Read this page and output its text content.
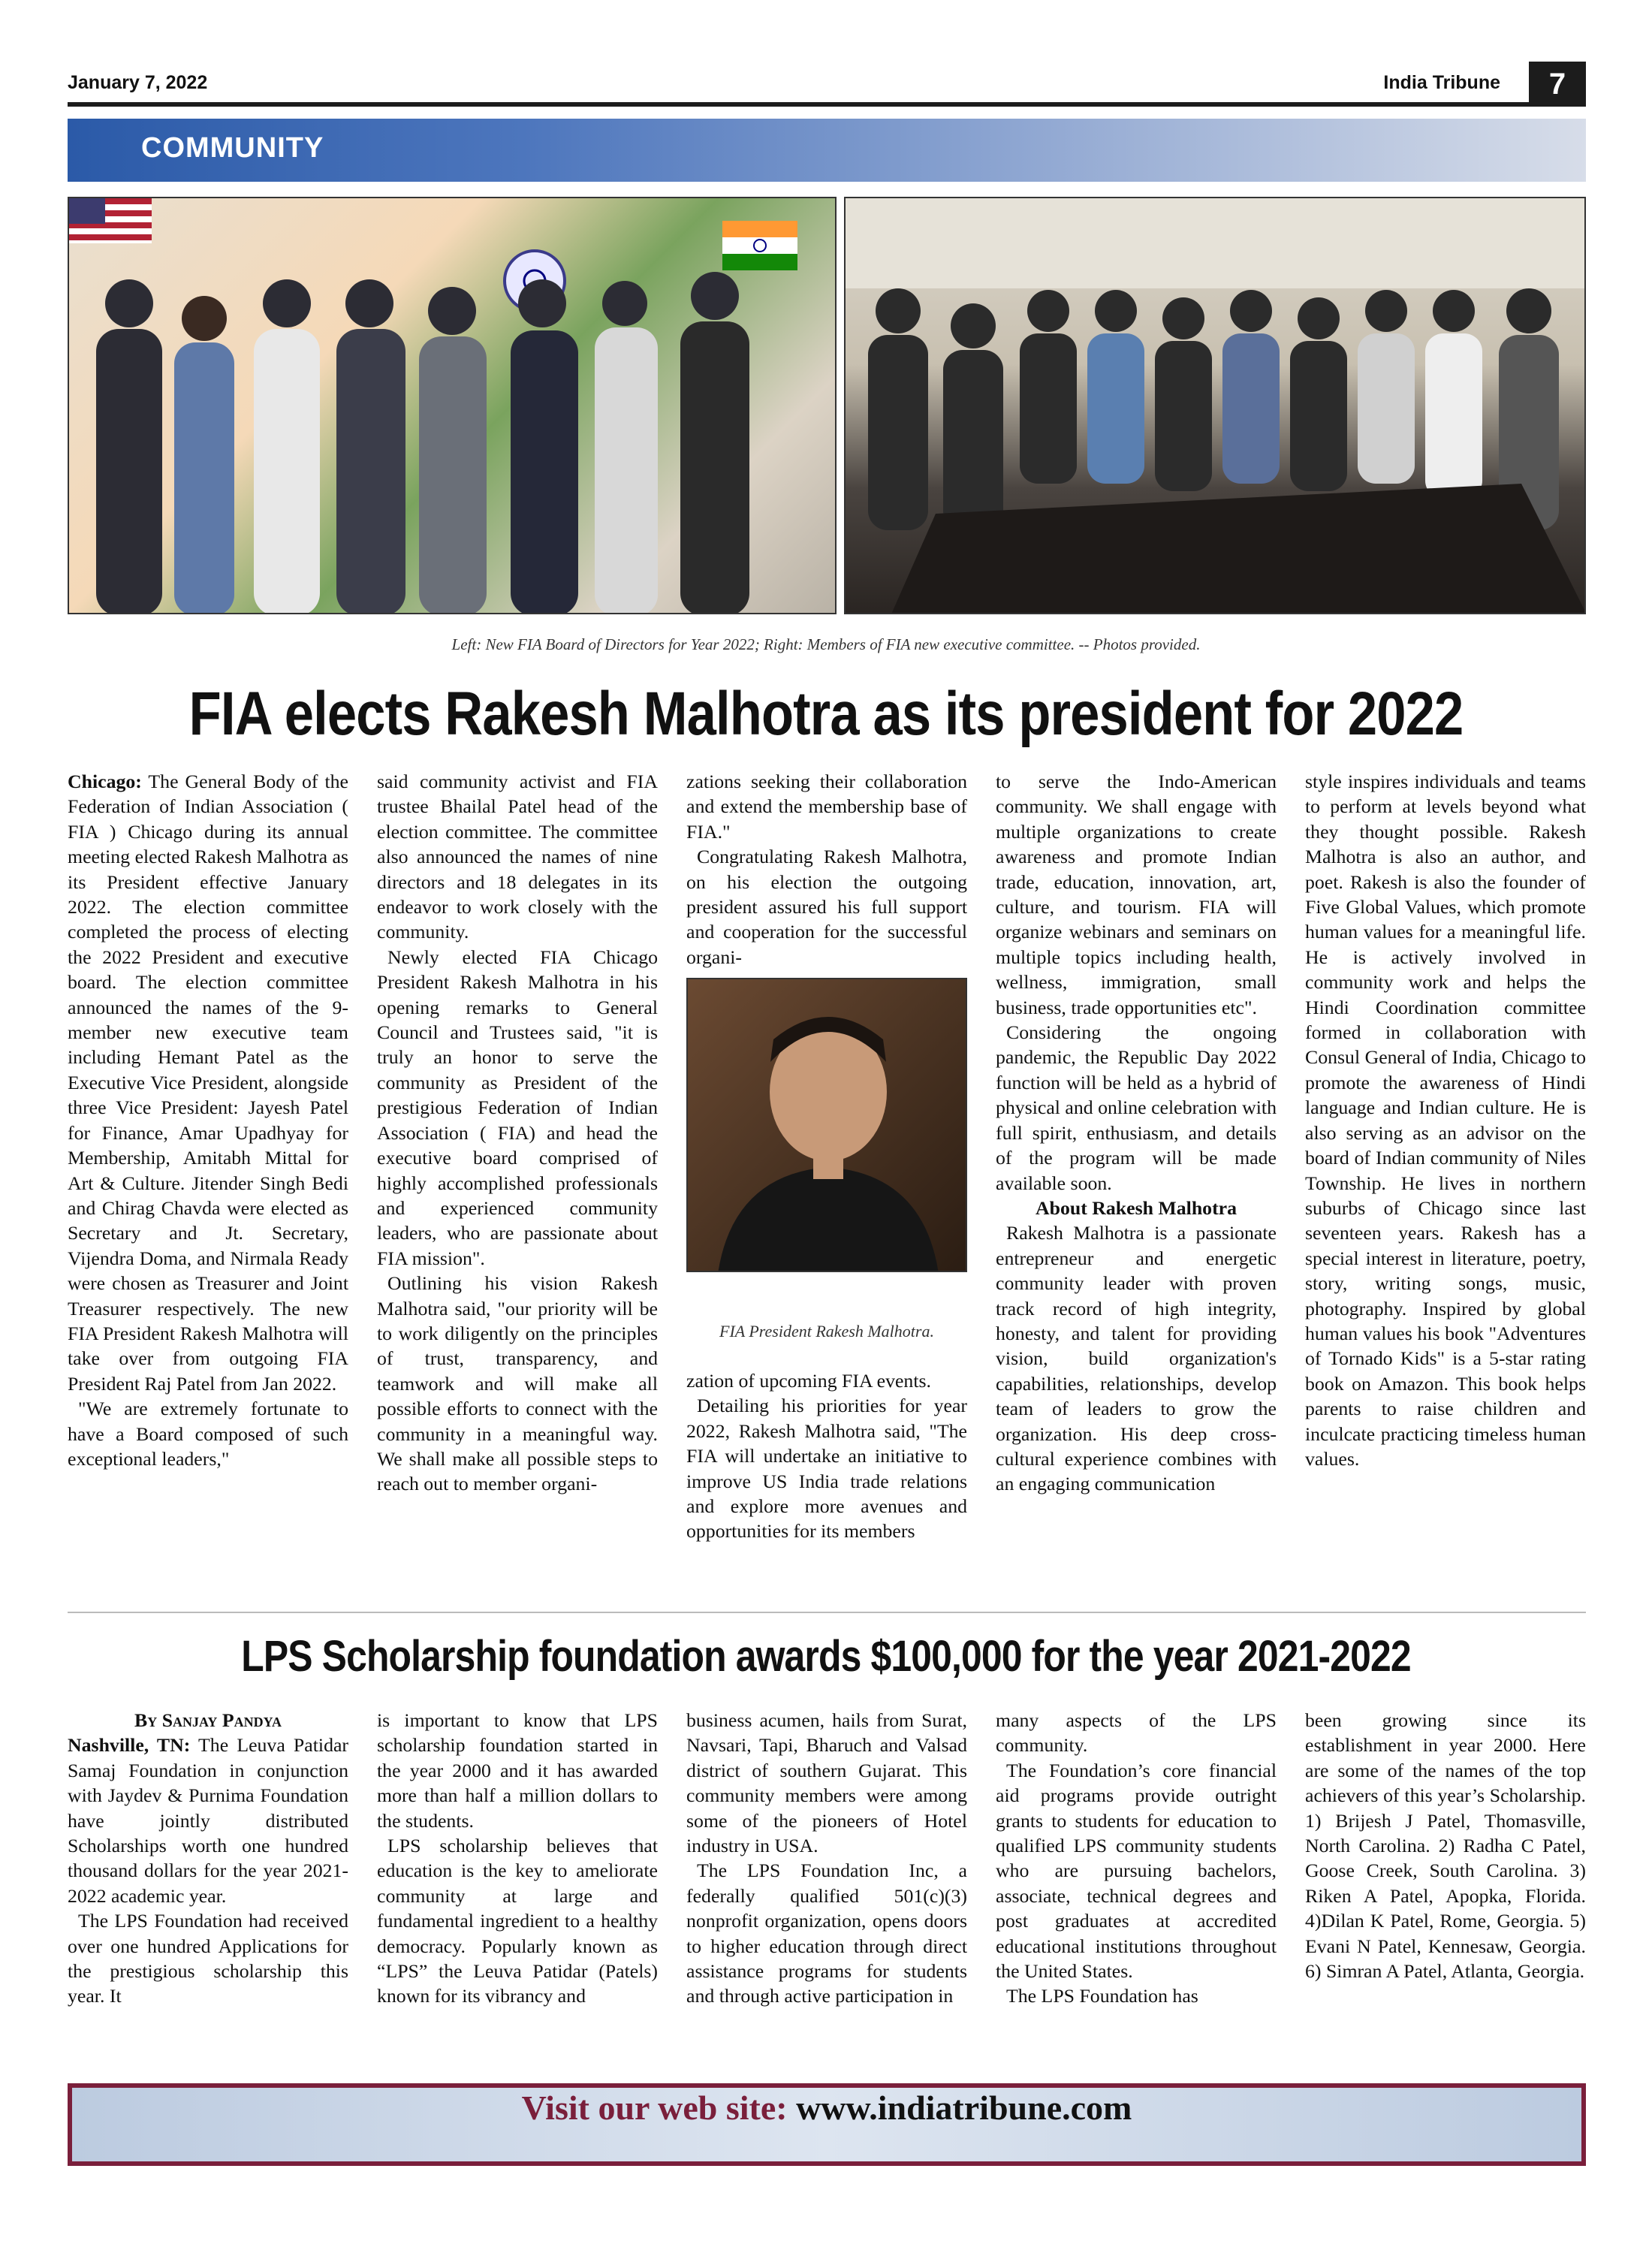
January 7, 2022	India Tribune	7
COMMUNITY
Left: New FIA Board of Directors for Year 2022; Right: Members of FIA new executive committee. -- Photos provided.
FIA elects Rakesh Malhotra as its president for 2022

Chicago: The General Body of the Federation of Indian Association ( FIA ) Chicago during its annual meeting elected Rakesh Malhotra as its President effective January 2022. The election committee completed the process of electing the 2022 President and executive board. The election committee announced the names of the 9-member new executive team including Hemant Patel as the Executive Vice President, alongside three Vice President: Jayesh Patel for Finance, Amar Upadhyay for Membership, Amitabh Mittal for Art & Culture. Jitender Singh Bedi and Chirag Chavda were elected as Secretary and Jt. Secretary, Vijendra Doma, and Nirmala Ready were chosen as Treasurer and Joint Treasurer respectively. The new FIA President Rakesh Malhotra will take over from outgoing FIA President Raj Patel from Jan 2022.

"We are extremely fortunate to have a Board composed of such exceptional leaders,"

said community activist and FIA trustee Bhailal Patel head of the election committee. The committee also announced the names of nine directors and 18 delegates in its endeavor to work closely with the community.

Newly elected FIA Chicago President Rakesh Malhotra in his opening remarks to General Council and Trustees said, "it is truly an honor to serve the community as President of the prestigious Federation of Indian Association ( FIA) and head the executive board comprised of highly accomplished professionals and experienced community leaders, who are passionate about FIA mission".

Outlining his vision Rakesh Malhotra said, "our priority will be to work diligently on the principles of trust, transparency, and teamwork and will make all possible efforts to connect with the community in a meaningful way. We shall make all possible steps to reach out to member organi-

zations seeking their collaboration and extend the membership base of FIA."

Congratulating Rakesh Malhotra, on his election the outgoing president assured his full support and cooperation for the successful organi-

FIA President Rakesh Malhotra.

zation of upcoming FIA events.

Detailing his priorities for year 2022, Rakesh Malhotra said, "The FIA will undertake an initiative to improve US India trade relations and explore more avenues and opportunities for its members

to serve the Indo-American community. We shall engage with multiple organizations to create awareness and promote Indian trade, education, innovation, art, culture, and tourism. FIA will organize webinars and seminars on multiple topics including health, wellness, immigration, small business, trade opportunities etc".

Considering the ongoing pandemic, the Republic Day 2022 function will be held as a hybrid of physical and online celebration with full spirit, enthusiasm, and details of the program will be made available soon.

About Rakesh Malhotra

Rakesh Malhotra is a passionate entrepreneur and energetic community leader with proven track record of high integrity, honesty, and talent for providing vision, build organization's capabilities, relationships, develop team of leaders to grow the organization. His deep cross-cultural experience combines with an engaging communication

style inspires individuals and teams to perform at levels beyond what they thought possible. Rakesh Malhotra is also an author, and poet. Rakesh is also the founder of Five Global Values, which promote human values for a meaningful life. He is actively involved in community work and helps the Hindi Coordination committee formed in collaboration with Consul General of India, Chicago to promote the awareness of Hindi language and Indian culture. He is also serving as an advisor on the board of Indian community of Niles Township. He lives in northern suburbs of Chicago since last seventeen years. Rakesh has a special interest in literature, poetry, story, writing songs, music, photography. Inspired by global human values his book "Adventures of Tornado Kids" is a 5-star rating book on Amazon. This book helps parents to raise children and inculcate practicing timeless human values.

LPS Scholarship foundation awards $100,000 for the year 2021-2022

By Sanjay Pandya

Nashville, TN: The Leuva Patidar Samaj Foundation in conjunction with Jaydev & Purnima Foundation have jointly distributed Scholarships worth one hundred thousand dollars for the year 2021-2022 academic year.

The LPS Foundation had received over one hundred Applications for the prestigious scholarship this year. It

is important to know that LPS scholarship foundation started in the year 2000 and it has awarded more than half a million dollars to the students.

LPS scholarship believes that education is the key to ameliorate community at large and fundamental ingredient to a healthy democracy. Popularly known as “LPS” the Leuva Patidar (Patels) known for its vibrancy and

business acumen, hails from Surat, Navsari, Tapi, Bharuch and Valsad district of southern Gujarat. This community members were among some of the pioneers of Hotel industry in USA.

The LPS Foundation Inc, a federally qualified 501(c)(3) nonprofit organization, opens doors to higher education through direct assistance programs for students and through active participation in

many aspects of the LPS community.

The Foundation’s core financial aid programs provide outright grants to students for education to qualified LPS community students who are pursuing bachelors, associate, technical degrees and post graduates at accredited educational institutions throughout the United States.

The LPS Foundation has

been growing since its establishment in year 2000. Here are some of the names of the top achievers of this year’s Scholarship. 1) Brijesh J Patel, Thomasville, North Carolina. 2) Radha C Patel, Goose Creek, South Carolina. 3) Riken A Patel, Apopka, Florida. 4)Dilan K Patel, Rome, Georgia. 5) Evani N Patel, Kennesaw, Georgia. 6) Simran A Patel, Atlanta, Georgia.

Visit our web site: www.indiatribune.com
